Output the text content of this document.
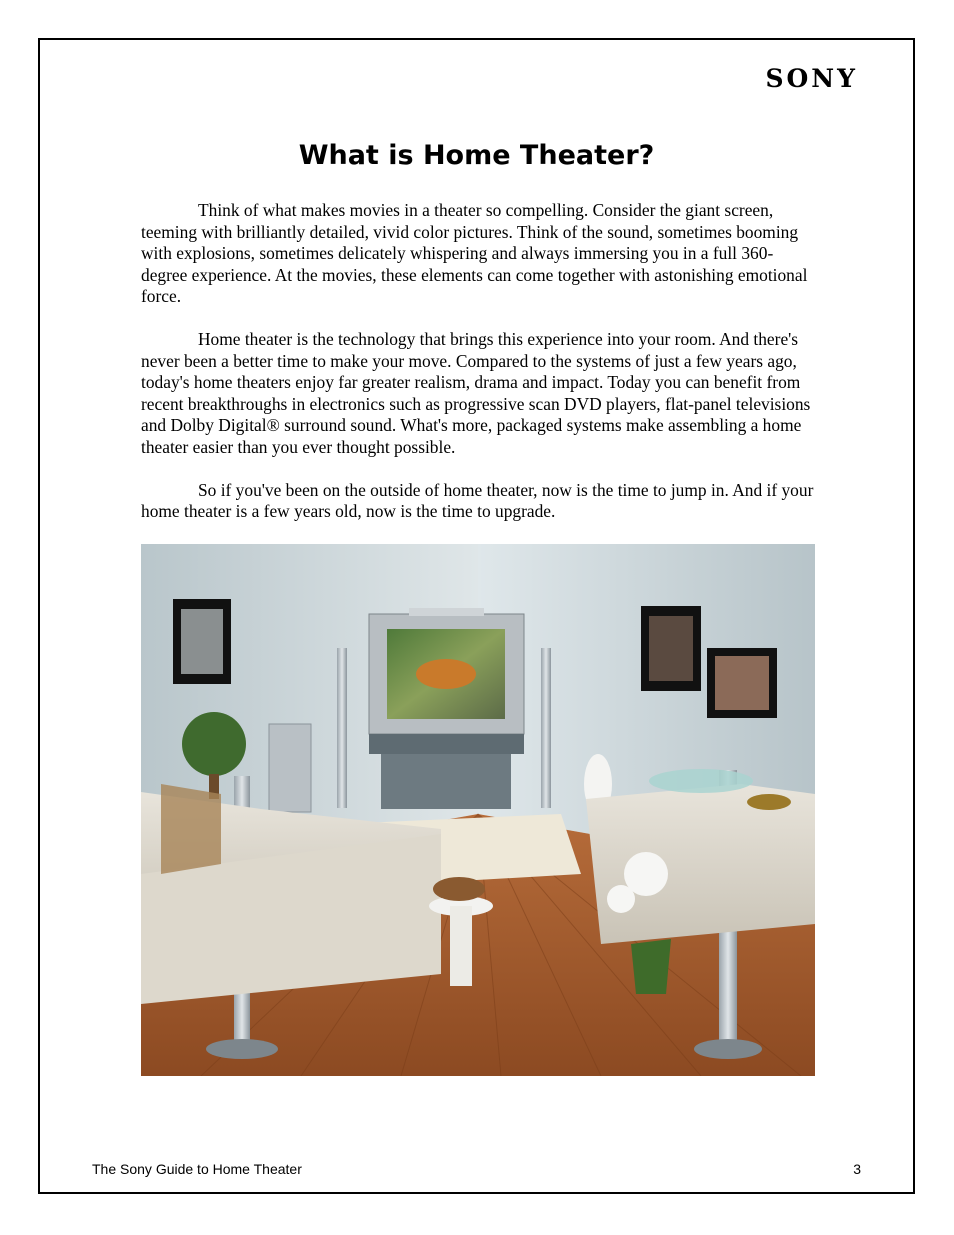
SONY
What is Home Theater?

Think of what makes movies in a theater so compelling. Consider the giant screen, teeming with brilliantly detailed, vivid color pictures. Think of the sound, sometimes booming with explosions, sometimes delicately whispering and always immersing you in a full 360-degree experience. At the movies, these elements can come together with astonishing emotional force.

Home theater is the technology that brings this experience into your room. And there's never been a better time to make your move. Compared to the systems of just a few years ago, today's home theaters enjoy far greater realism, drama and impact. Today you can benefit from recent breakthroughs in electronics such as progressive scan DVD players, flat-panel televisions and Dolby Digital® surround sound. What's more, packaged systems make assembling a home theater easier than you ever thought possible.

So if you've been on the outside of home theater, now is the time to jump in. And if your home theater is a few years old, now is the time to upgrade.

The Sony Guide to Home Theater	3
